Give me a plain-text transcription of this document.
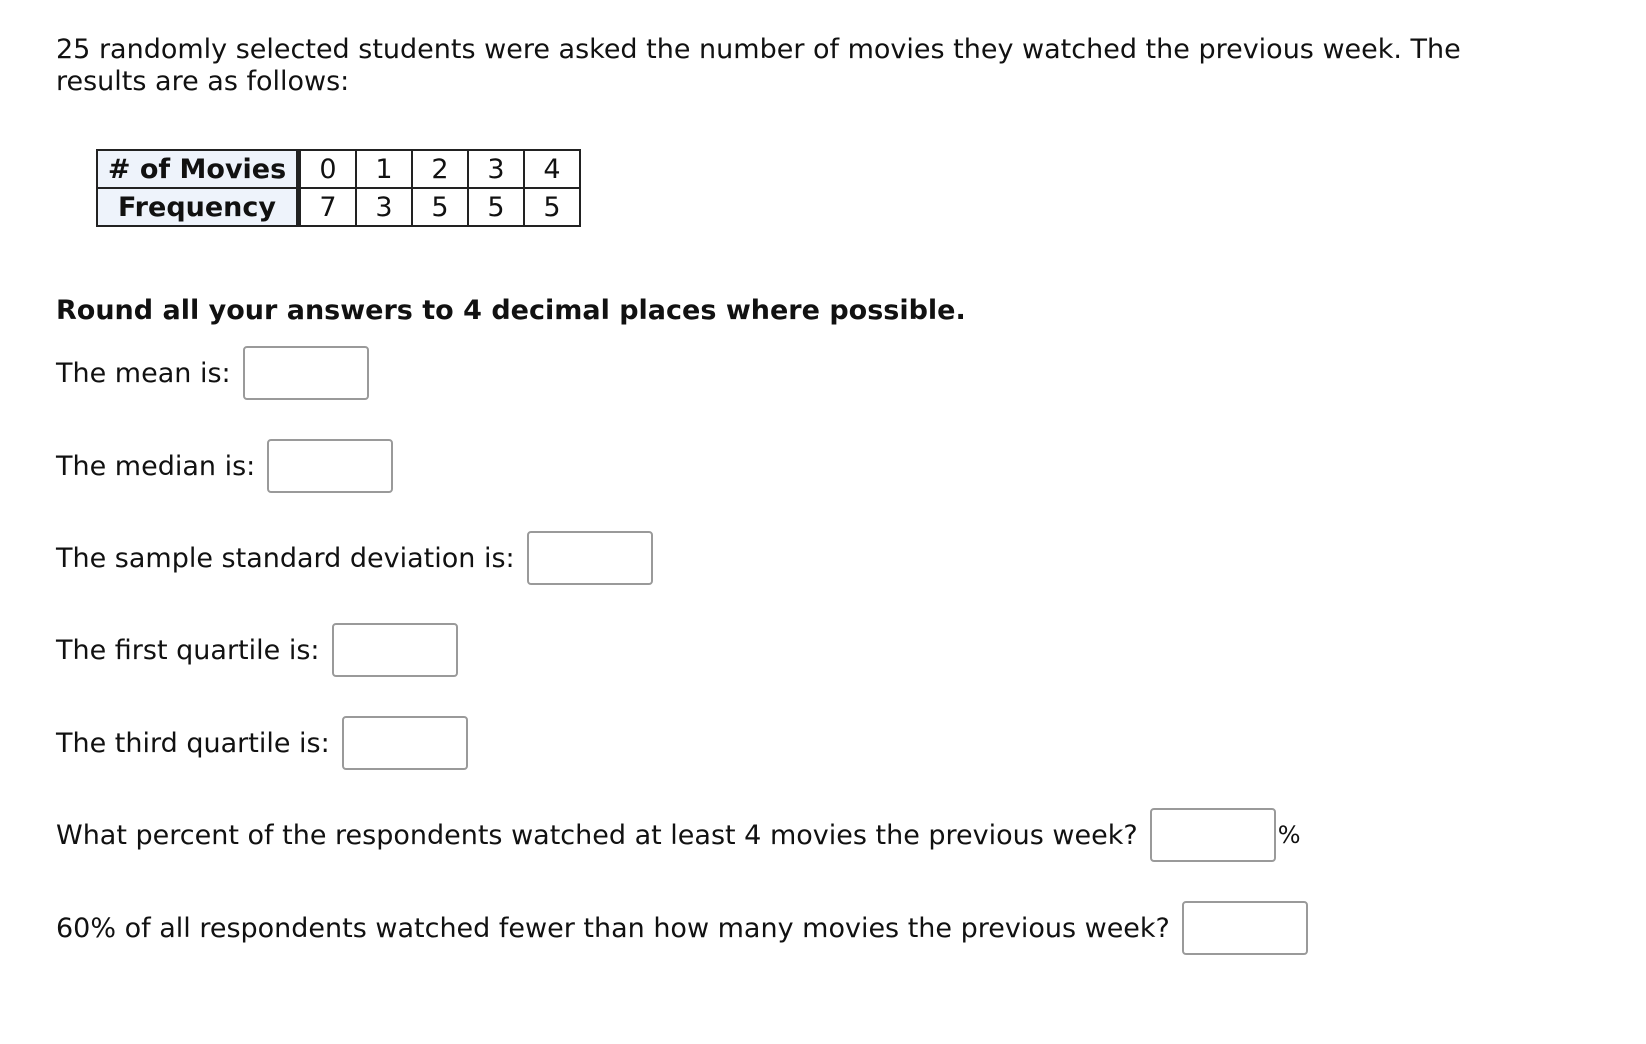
25 randomly selected students were asked the number of movies they watched the previous week. The results are as follows:

# of Movies	0	1	2	3	4
Frequency	7	3	5	5	5

Round all your answers to 4 decimal places where possible.

The mean is:
The median is:
The sample standard deviation is:
The first quartile is:
The third quartile is:
What percent of the respondents watched at least 4 movies the previous week?	%
60% of all respondents watched fewer than how many movies the previous week?
